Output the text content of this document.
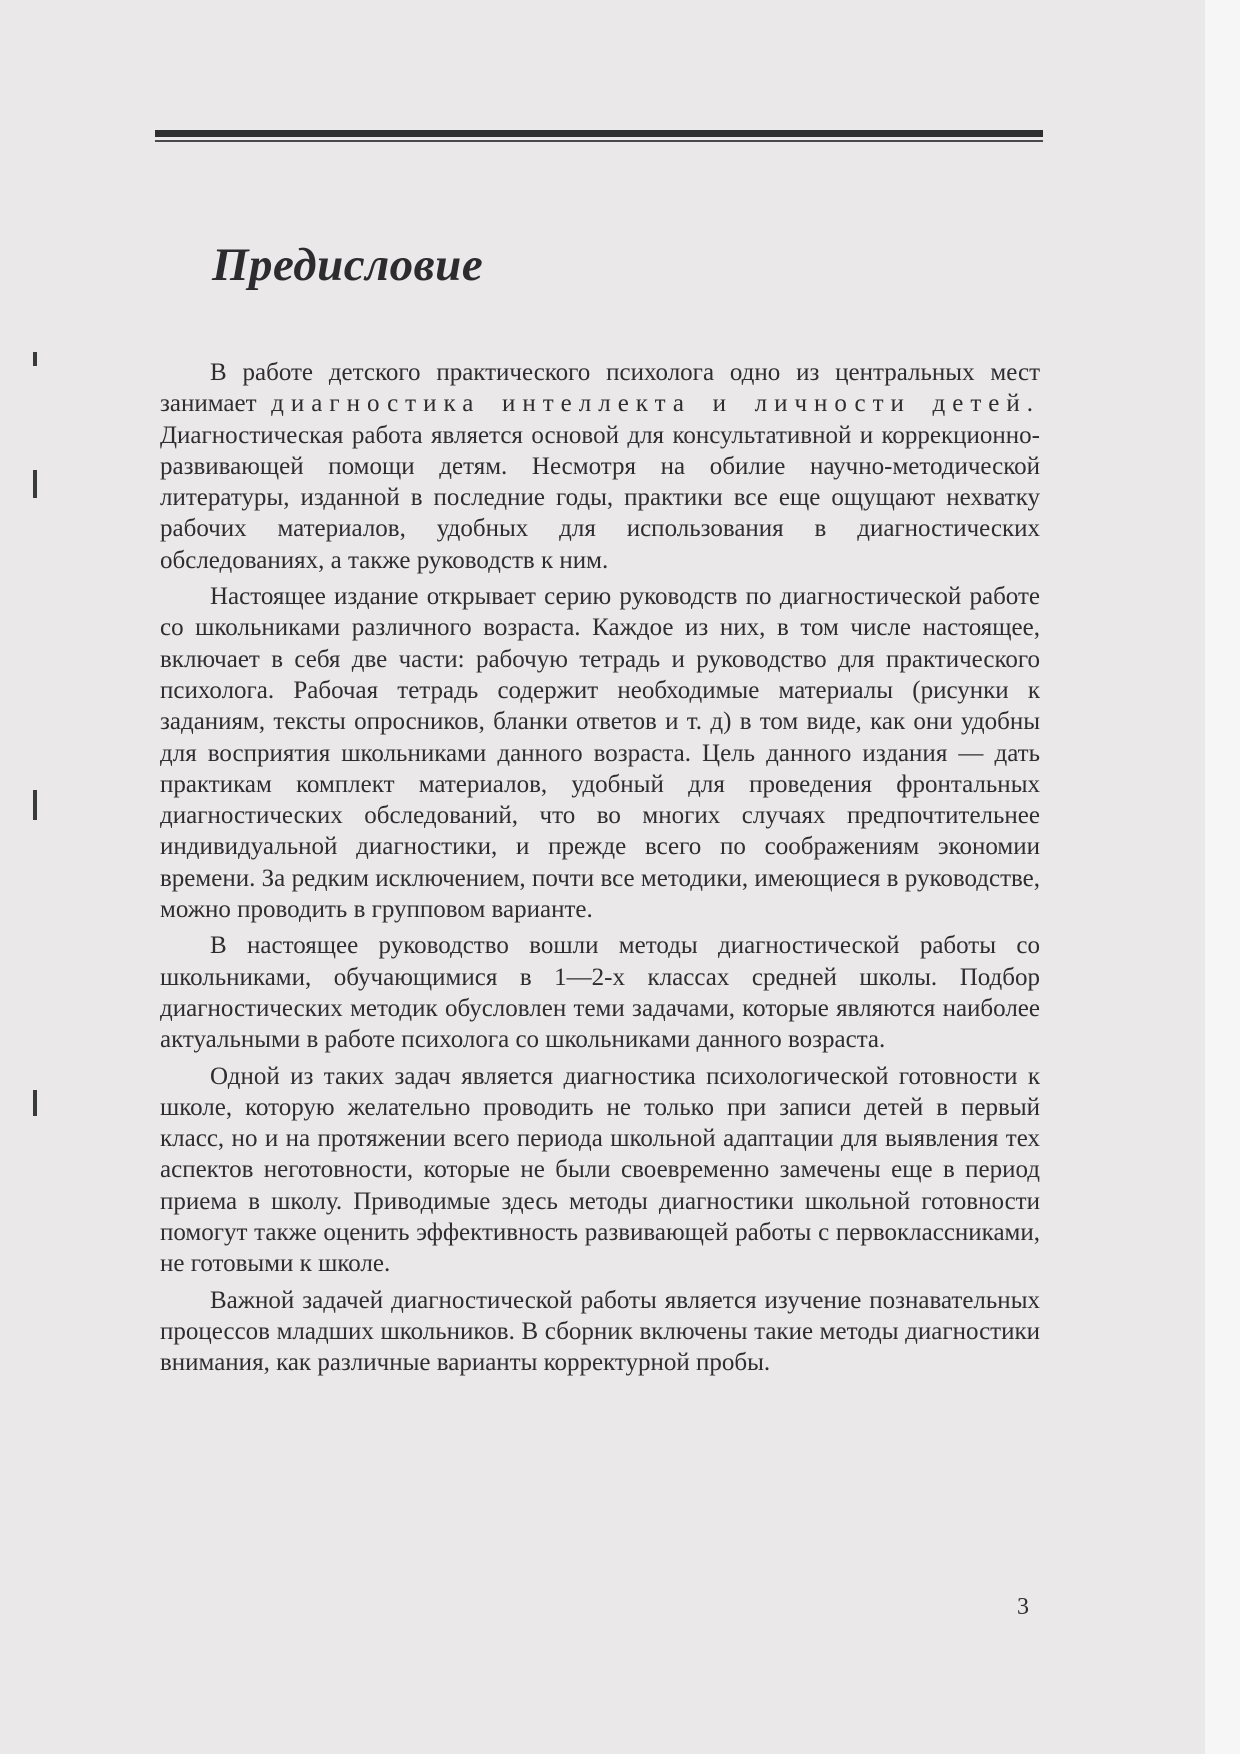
Предисловие

В работе детского практического психолога одно из центральных мест занимает диагностика интеллекта и личности детей. Диагностическая работа является основой для консультативной и коррекционно-развивающей помощи детям. Несмотря на обилие научно-методической литературы, изданной в последние годы, практики все еще ощущают нехватку рабочих материалов, удобных для использования в диагностических обследованиях, а также руководств к ним.

Настоящее издание открывает серию руководств по диагностической работе со школьниками различного возраста. Каждое из них, в том числе настоящее, включает в себя две части: рабочую тетрадь и руководство для практического психолога. Рабочая тетрадь содержит необходимые материалы (рисунки к заданиям, тексты опросников, бланки ответов и т. д) в том виде, как они удобны для восприятия школьниками данного возраста. Цель данного издания — дать практикам комплект материалов, удобный для проведения фронтальных диагностических обследований, что во многих случаях предпочтительнее индивидуальной диагностики, и прежде всего по соображениям экономии времени. За редким исключением, почти все методики, имеющиеся в руководстве, можно проводить в групповом варианте.

В настоящее руководство вошли методы диагностической работы со школьниками, обучающимися в 1—2-х классах средней школы. Подбор диагностических методик обусловлен теми задачами, которые являются наиболее актуальными в работе психолога со школьниками данного возраста.

Одной из таких задач является диагностика психологической готовности к школе, которую желательно проводить не только при записи детей в первый класс, но и на протяжении всего периода школьной адаптации для выявления тех аспектов неготовности, которые не были своевременно замечены еще в период приема в школу. Приводимые здесь методы диагностики школьной готовности помогут также оценить эффективность развивающей работы с первоклассниками, не готовыми к школе.

Важной задачей диагностической работы является изучение познавательных процессов младших школьников. В сборник включены такие методы диагностики внимания, как различные варианты корректурной пробы.

3
